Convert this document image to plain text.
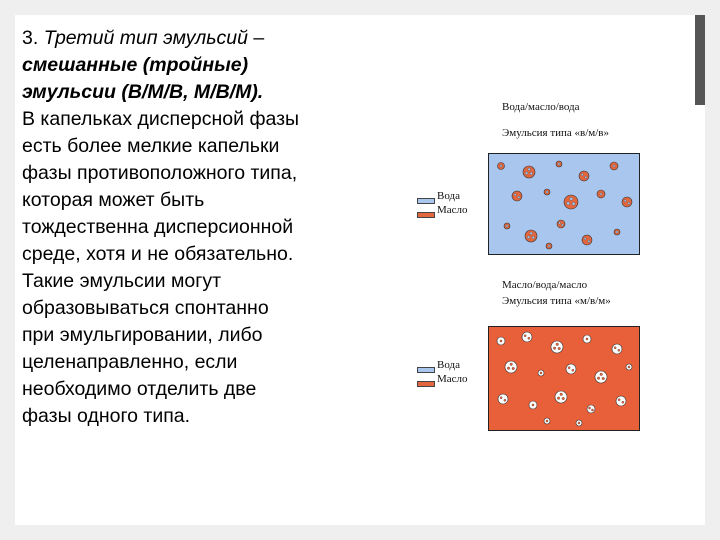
3. Третий тип эмульсий –

смешанные (тройные)

эмульсии (В/М/В, М/В/М).

В капельках дисперсной фазы

есть более мелкие капельки

фазы противоположного типа,

которая может быть

тождественна дисперсионной

среде, хотя и не обязательно.

Такие эмульсии могут

образовываться спонтанно

при эмульгировании, либо

целенаправленно, если

необходимо отделить две

фазы одного типа.

Вода/масло/вода
Эмульсия типа «в/м/в»
Вода
Масло
Масло/вода/масло
Эмульсия типа «м/в/м»
Вода
Масло
